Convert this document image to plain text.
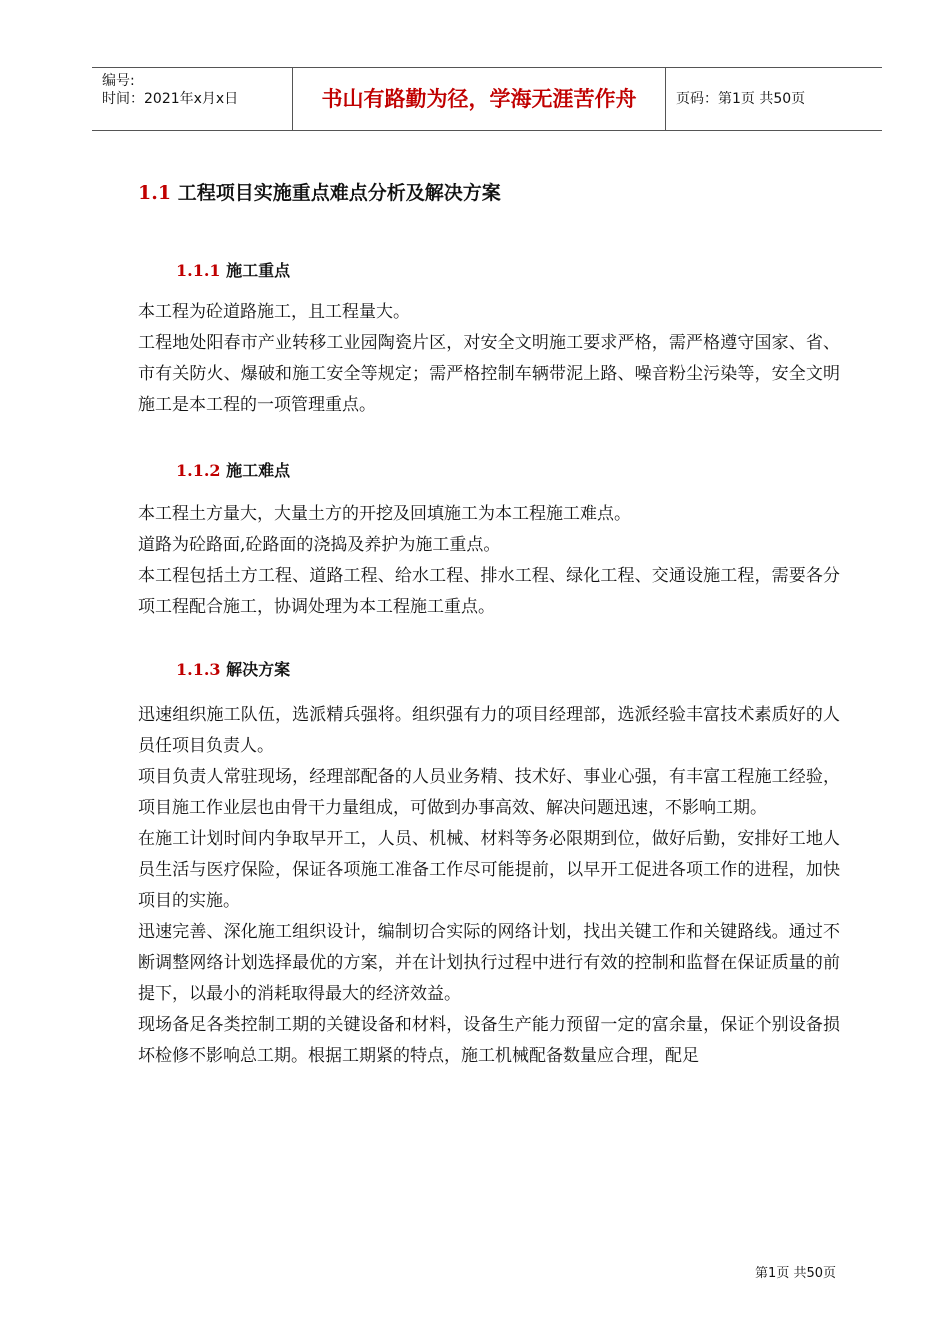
编号:
时间：2021年x月x日	书山有路勤为径，学海无涯苦作舟	页码：第1页 共50页
1.1 工程项目实施重点难点分析及解决方案
1.1.1 施工重点

本工程为砼道路施工，且工程量大。

工程地处阳春市产业转移工业园陶瓷片区，对安全文明施工要求严格，需严格遵守国家、省、市有关防火、爆破和施工安全等规定；需严格控制车辆带泥上路、噪音粉尘污染等，安全文明施工是本工程的一项管理重点。

1.1.2 施工难点

本工程土方量大，大量土方的开挖及回填施工为本工程施工难点。

道路为砼路面,砼路面的浇捣及养护为施工重点。

本工程包括土方工程、道路工程、给水工程、排水工程、绿化工程、交通设施工程，需要各分项工程配合施工，协调处理为本工程施工重点。

1.1.3 解决方案

迅速组织施工队伍，选派精兵强将。组织强有力的项目经理部，选派经验丰富技术素质好的人员任项目负责人。

项目负责人常驻现场，经理部配备的人员业务精、技术好、事业心强，有丰富工程施工经验，项目施工作业层也由骨干力量组成，可做到办事高效、解决问题迅速，不影响工期。

在施工计划时间内争取早开工，人员、机械、材料等务必限期到位，做好后勤，安排好工地人员生活与医疗保险，保证各项施工准备工作尽可能提前，以早开工促进各项工作的进程，加快项目的实施。

迅速完善、深化施工组织设计，编制切合实际的网络计划，找出关键工作和关键路线。通过不断调整网络计划选择最优的方案，并在计划执行过程中进行有效的控制和监督在保证质量的前提下，以最小的消耗取得最大的经济效益。

现场备足各类控制工期的关键设备和材料，设备生产能力预留一定的富余量，保证个别设备损坏检修不影响总工期。根据工期紧的特点，施工机械配备数量应合理，配足

第1页 共50页
